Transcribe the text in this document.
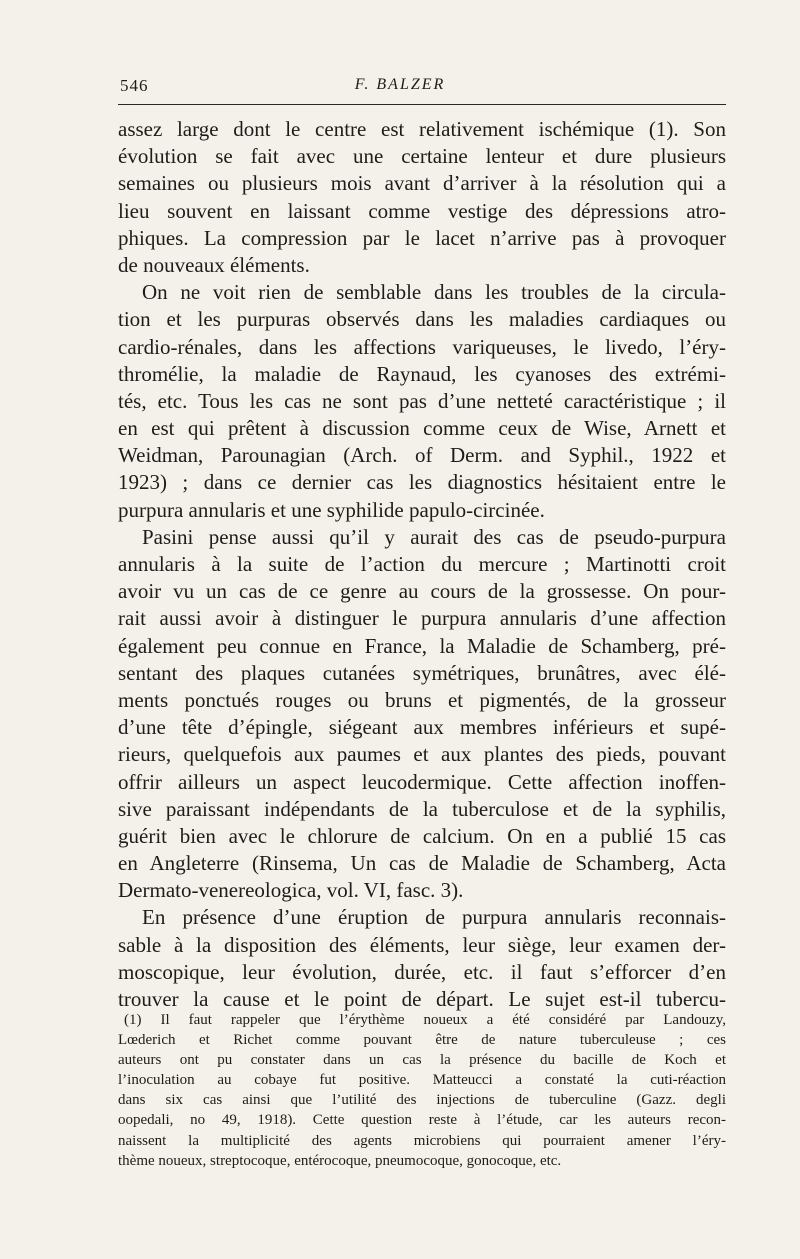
546	F. BALZER
assez large dont le centre est relativement ischémique (1). Son
évolution se fait avec une certaine lenteur et dure plusieurs
semaines ou plusieurs mois avant d’arriver à la résolution qui a
lieu souvent en laissant comme vestige des dépressions atro-
phiques. La compression par le lacet n’arrive pas à provoquer
de nouveaux éléments.
On ne voit rien de semblable dans les troubles de la circula-
tion et les purpuras observés dans les maladies cardiaques ou
cardio-rénales, dans les affections variqueuses, le livedo, l’éry-
thromélie, la maladie de Raynaud, les cyanoses des extrémi-
tés, etc. Tous les cas ne sont pas d’une netteté caractéristique ; il
en est qui prêtent à discussion comme ceux de Wise, Arnett et
Weidman, Parounagian (Arch. of Derm. and Syphil., 1922 et
1923) ; dans ce dernier cas les diagnostics hésitaient entre le
purpura annularis et une syphilide papulo-circinée.
Pasini pense aussi qu’il y aurait des cas de pseudo-purpura
annularis à la suite de l’action du mercure ; Martinotti croit
avoir vu un cas de ce genre au cours de la grossesse. On pour-
rait aussi avoir à distinguer le purpura annularis d’une affection
également peu connue en France, la Maladie de Schamberg, pré-
sentant des plaques cutanées symétriques, brunâtres, avec élé-
ments ponctués rouges ou bruns et pigmentés, de la grosseur
d’une tête d’épingle, siégeant aux membres inférieurs et supé-
rieurs, quelquefois aux paumes et aux plantes des pieds, pouvant
offrir ailleurs un aspect leucodermique. Cette affection inoffen-
sive paraissant indépendants de la tuberculose et de la syphilis,
guérit bien avec le chlorure de calcium. On en a publié 15 cas
en Angleterre (Rinsema, Un cas de Maladie de Schamberg, Acta
Dermato-venereologica, vol. VI, fasc. 3).
En présence d’une éruption de purpura annularis reconnais-
sable à la disposition des éléments, leur siège, leur examen der-
moscopique, leur évolution, durée, etc. il faut s’efforcer d’en
trouver la cause et le point de départ. Le sujet est-il tubercu-
(1) Il faut rappeler que l’érythème noueux a été considéré par Landouzy,
Lœderich et Richet comme pouvant être de nature tuberculeuse ; ces
auteurs ont pu constater dans un cas la présence du bacille de Koch et
l’inoculation au cobaye fut positive. Matteucci a constaté la cuti-réaction
dans six cas ainsi que l’utilité des injections de tuberculine (Gazz. degli
oopedali, no 49, 1918). Cette question reste à l’étude, car les auteurs recon-
naissent la multiplicité des agents microbiens qui pourraient amener l’éry-
thème noueux, streptocoque, entérocoque, pneumocoque, gonocoque, etc.
